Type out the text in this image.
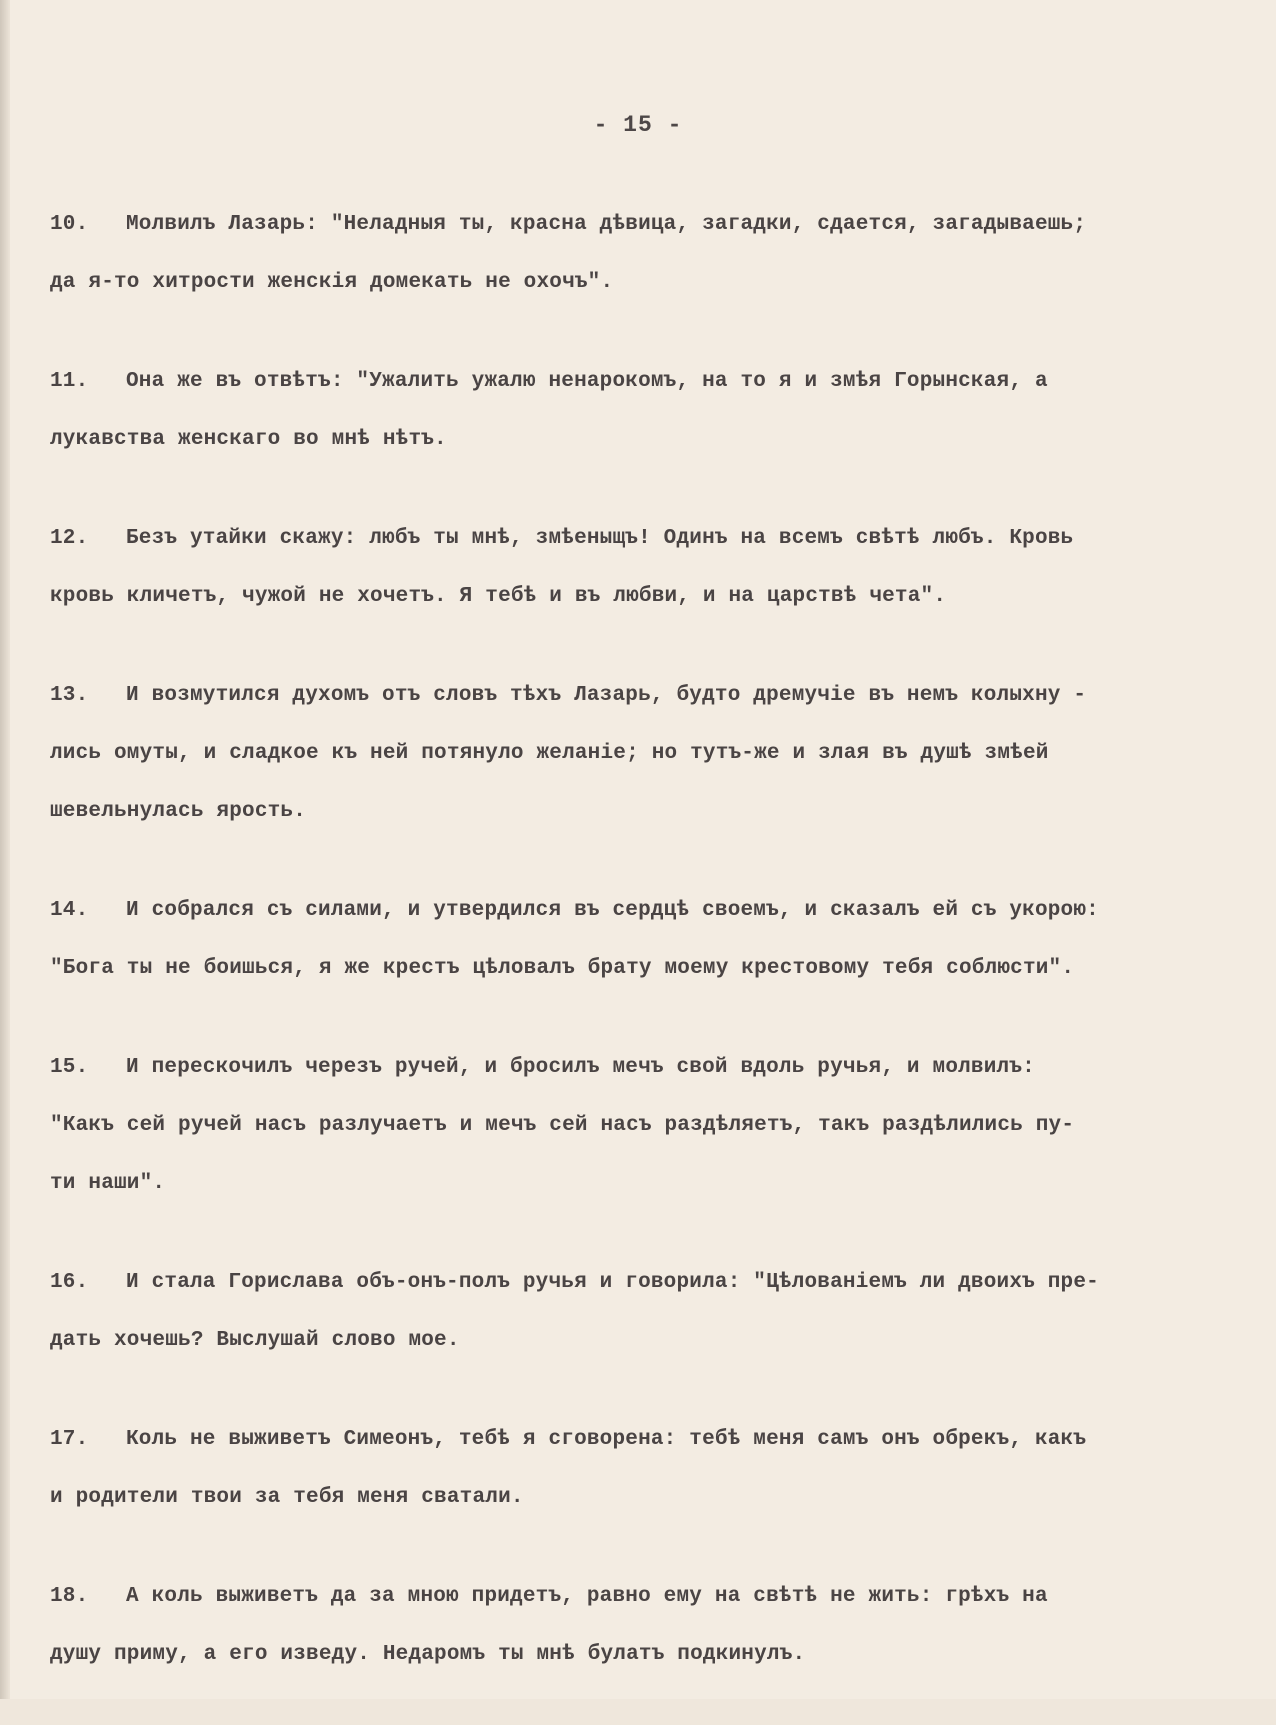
- 15 -

10. Молвилъ Лазарь: "Неладныя ты, красна дѣвица, загадки, сдается, загадываешь;
да я-то хитрости женскія домекать не охочъ".

11. Она же въ отвѣтъ: "Ужалить ужалю ненарокомъ, на то я и змѣя Горынская, а
лукавства женскаго во мнѣ нѣтъ.

12. Безъ утайки скажу: любъ ты мнѣ, змѣеныщъ! Одинъ на всемъ свѣтѣ любъ. Кровь
кровь кличетъ, чужой не хочетъ. Я тебѣ и въ любви, и на царствѣ чета".

13. И возмутился духомъ отъ словъ тѣхъ Лазарь, будто дремучіе въ немъ колыхну -
лись омуты, и сладкое къ ней потянуло желаніе; но тутъ-же и злая въ душѣ змѣей
шевельнулась ярость.

14. И собрался съ силами, и утвердился въ сердцѣ своемъ, и сказалъ ей съ укорою:
"Бога ты не боишься, я же крестъ цѣловалъ брату моему крестовому тебя соблюсти".

15. И перескочилъ черезъ ручей, и бросилъ мечъ свой вдоль ручья, и молвилъ:
"Какъ сей ручей насъ разлучаетъ и мечъ сей насъ раздѣляетъ, такъ раздѣлились пу-
ти наши".

16. И стала Горислава объ-онъ-полъ ручья и говорила: "Цѣлованіемъ ли двоихъ пре-
дать хочешь? Выслушай слово мое.

17. Коль не выживетъ Симеонъ, тебѣ я сговорена: тебѣ меня самъ онъ обрекъ, какъ
и родители твои за тебя меня сватали.

18. А коль выживетъ да за мною придетъ, равно ему на свѣтѣ не жить: грѣхъ на
душу приму, а его изведу. Недаромъ ты мнѣ булатъ подкинулъ.
